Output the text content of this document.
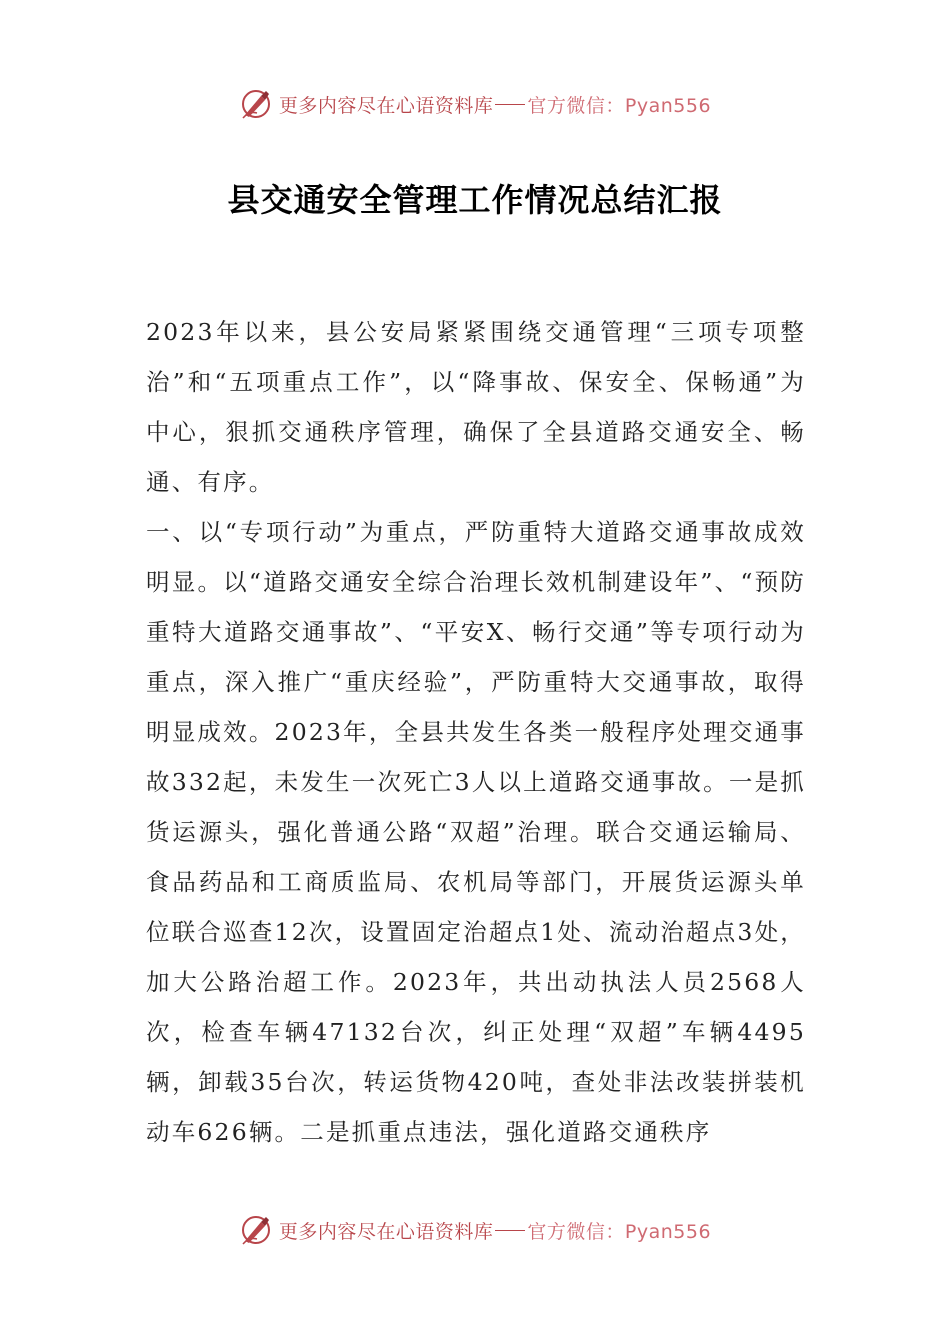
更多内容尽在心语资料库 官方微信：Pyan556
县交通安全管理工作情况总结汇报

2023年以来，县公安局紧紧围绕交通管理“三项专项整治”和“五项重点工作”，以“降事故、保安全、保畅通”为中心，狠抓交通秩序管理，确保了全县道路交通安全、畅通、有序。

一、以“专项行动”为重点，严防重特大道路交通事故成效明显。以“道路交通安全综合治理长效机制建设年”、“预防重特大道路交通事故”、“平安X、畅行交通”等专项行动为重点，深入推广“重庆经验”，严防重特大交通事故，取得明显成效。2023年，全县共发生各类一般程序处理交通事故332起，未发生一次死亡3人以上道路交通事故。一是抓货运源头，强化普通公路“双超”治理。联合交通运输局、食品药品和工商质监局、农机局等部门，开展货运源头单位联合巡查12次，设置固定治超点1处、流动治超点3处，加大公路治超工作。2023年，共出动执法人员2568人次，检查车辆47132台次，纠正处理“双超”车辆4495辆，卸载35台次，转运货物420吨，查处非法改装拼装机动车626辆。二是抓重点违法，强化道路交通秩序

更多内容尽在心语资料库 官方微信：Pyan556
